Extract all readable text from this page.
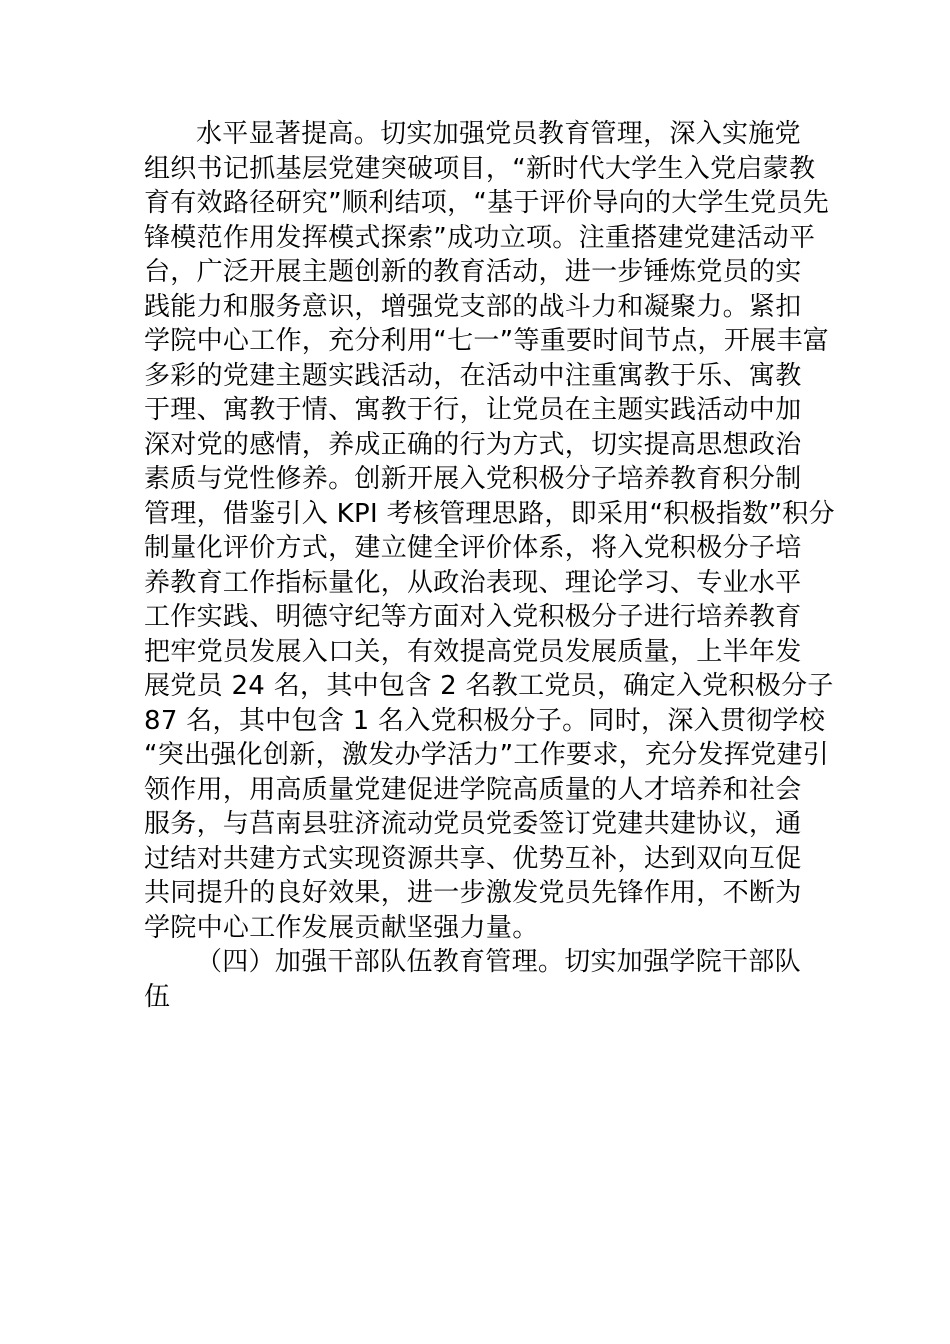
水平显著提高。切实加强党员教育管理，深入实施党
组织书记抓基层党建突破项目，“新时代大学生入党启蒙教
育有效路径研究”顺利结项，“基于评价导向的大学生党员先
锋模范作用发挥模式探索”成功立项。注重搭建党建活动平
台，广泛开展主题创新的教育活动，进一步锤炼党员的实
践能力和服务意识，增强党支部的战斗力和凝聚力。紧扣
学院中心工作，充分利用“七一”等重要时间节点，开展丰富
多彩的党建主题实践活动，在活动中注重寓教于乐、寓教
于理、寓教于情、寓教于行，让党员在主题实践活动中加
深对党的感情，养成正确的行为方式，切实提高思想政治
素质与党性修养。创新开展入党积极分子培养教育积分制
管理，借鉴引入 KPI 考核管理思路，即采用“积极指数”积分
制量化评价方式，建立健全评价体系，将入党积极分子培
养教育工作指标量化，从政治表现、理论学习、专业水平
工作实践、明德守纪等方面对入党积极分子进行培养教育
把牢党员发展入口关，有效提高党员发展质量，上半年发
展党员 24 名，其中包含 2 名教工党员，确定入党积极分子
87 名，其中包含 1 名入党积极分子。同时，深入贯彻学校
“突出强化创新，激发办学活力”工作要求，充分发挥党建引
领作用，用高质量党建促进学院高质量的人才培养和社会
服务，与莒南县驻济流动党员党委签订党建共建协议，通
过结对共建方式实现资源共享、优势互补，达到双向互促
共同提升的良好效果，进一步激发党员先锋作用，不断为
学院中心工作发展贡献坚强力量。
（四）加强干部队伍教育管理。切实加强学院干部队
伍
